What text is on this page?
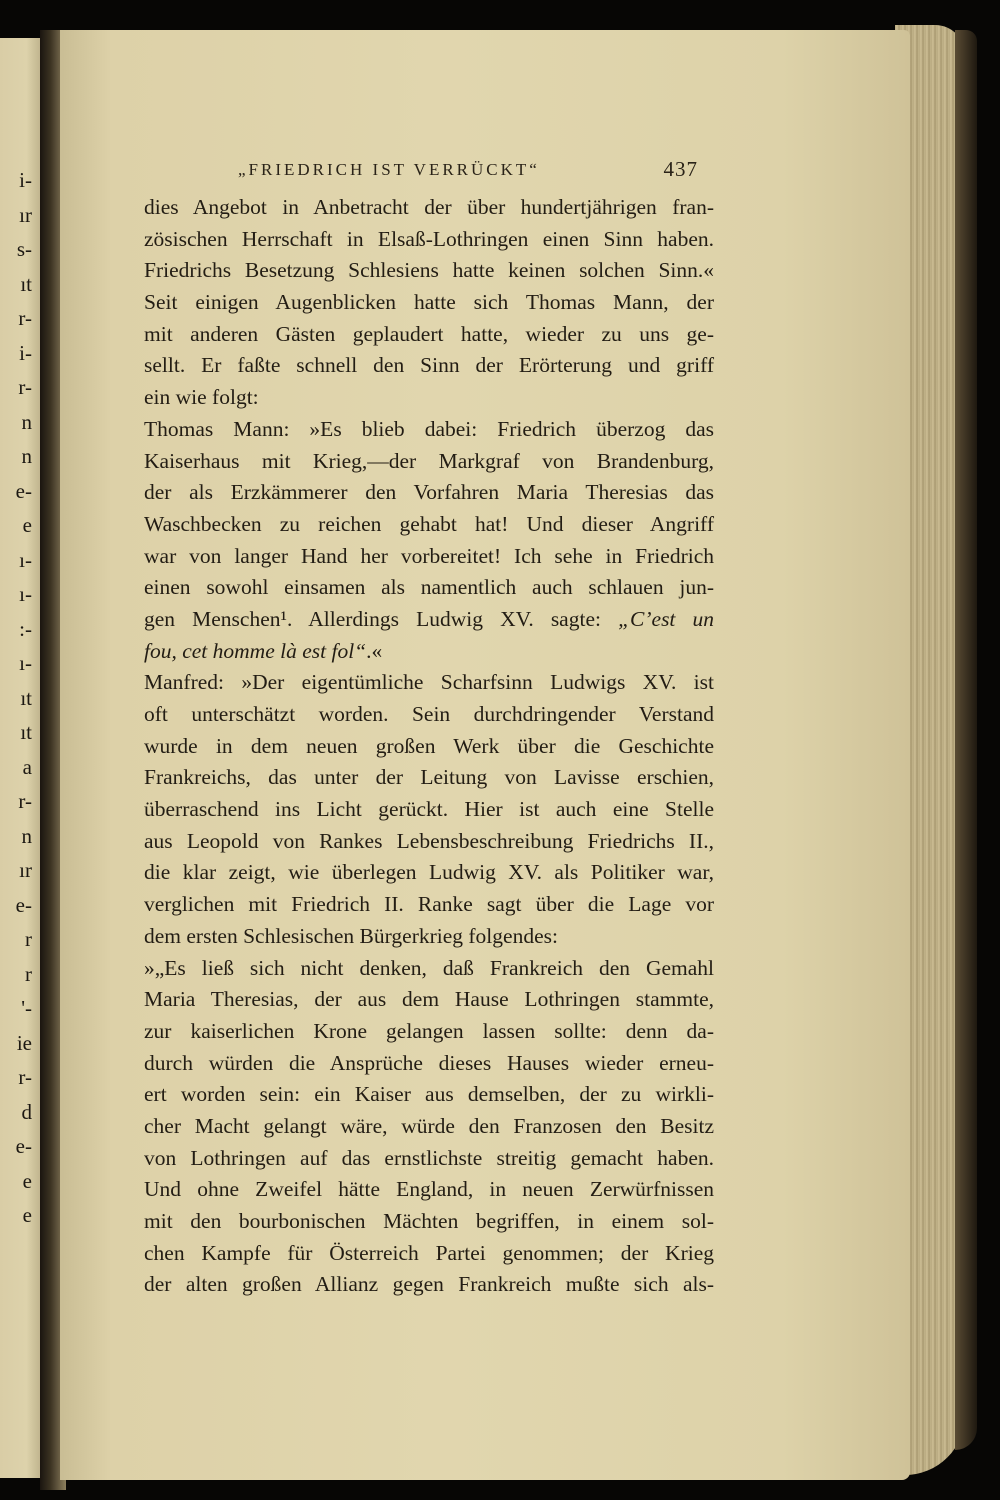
i-
ır
s-
ıt
r-
i-
r-
n
n
e-
e
ı-
ı-
:-
ı-
ıt
ıt
a
r-
n
ır
e-
r
r
'-
ie
r-
d
e-
e
e
„FRIEDRICH IST VERRÜCKT“	437
dies Angebot in Anbetracht der über hundertjährigen fran-
zösischen Herrschaft in Elsaß-Lothringen einen Sinn haben.
Friedrichs Besetzung Schlesiens hatte keinen solchen Sinn.«
Seit einigen Augenblicken hatte sich Thomas Mann, der
mit anderen Gästen geplaudert hatte, wieder zu uns ge-
sellt. Er faßte schnell den Sinn der Erörterung und griff
ein wie folgt:
Thomas Mann: »Es blieb dabei: Friedrich überzog das
Kaiserhaus mit Krieg,—der Markgraf von Brandenburg,
der als Erzkämmerer den Vorfahren Maria Theresias das
Waschbecken zu reichen gehabt hat! Und dieser Angriff
war von langer Hand her vorbereitet! Ich sehe in Friedrich
einen sowohl einsamen als namentlich auch schlauen jun-
gen Menschen¹. Allerdings Ludwig XV. sagte: „C’est un
fou, cet homme là est fol“.«
Manfred: »Der eigentümliche Scharfsinn Ludwigs XV. ist
oft unterschätzt worden. Sein durchdringender Verstand
wurde in dem neuen großen Werk über die Geschichte
Frankreichs, das unter der Leitung von Lavisse erschien,
überraschend ins Licht gerückt. Hier ist auch eine Stelle
aus Leopold von Rankes Lebensbeschreibung Friedrichs II.,
die klar zeigt, wie überlegen Ludwig XV. als Politiker war,
verglichen mit Friedrich II. Ranke sagt über die Lage vor
dem ersten Schlesischen Bürgerkrieg folgendes:
»„Es ließ sich nicht denken, daß Frankreich den Gemahl
Maria Theresias, der aus dem Hause Lothringen stammte,
zur kaiserlichen Krone gelangen lassen sollte: denn da-
durch würden die Ansprüche dieses Hauses wieder erneu-
ert worden sein: ein Kaiser aus demselben, der zu wirkli-
cher Macht gelangt wäre, würde den Franzosen den Besitz
von Lothringen auf das ernstlichste streitig gemacht haben.
Und ohne Zweifel hätte England, in neuen Zerwürfnissen
mit den bourbonischen Mächten begriffen, in einem sol-
chen Kampfe für Österreich Partei genommen; der Krieg
der alten großen Allianz gegen Frankreich mußte sich als-
